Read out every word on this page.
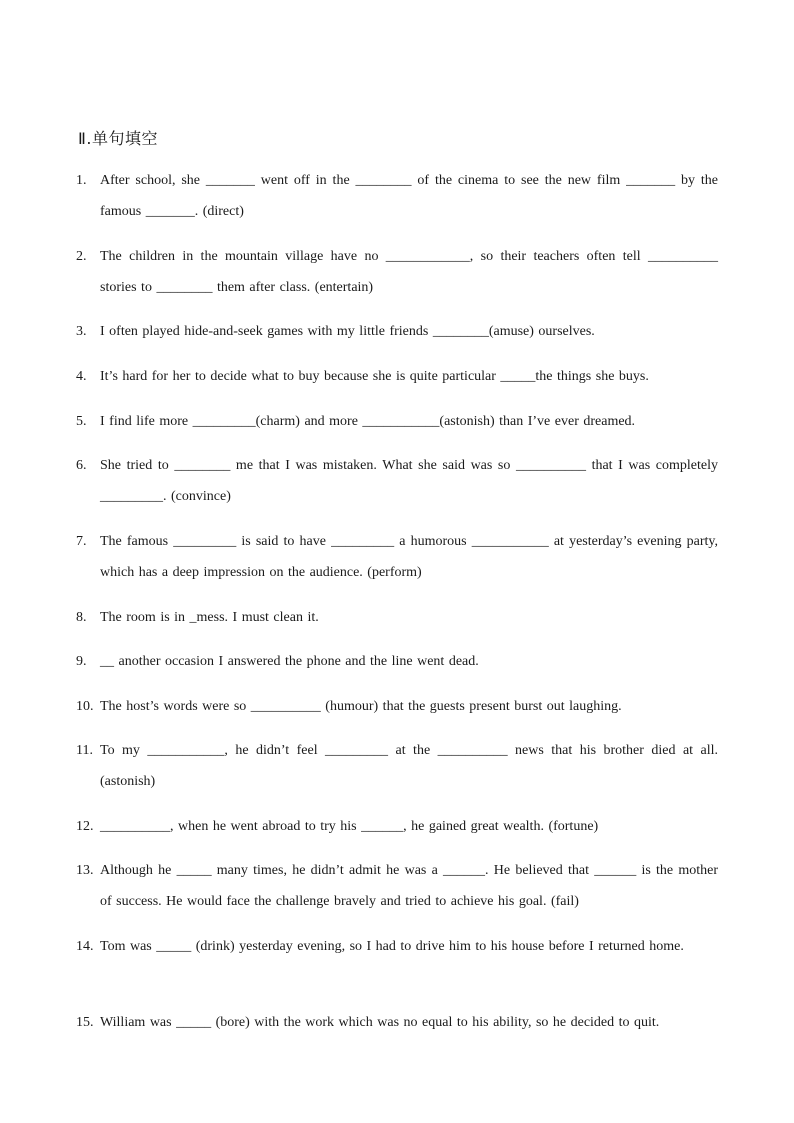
Ⅱ.单句填空
1. After school, she _______ went off in the ________ of the cinema to see the new film _______ by the famous _______. (direct)
2. The children in the mountain village have no ____________, so their teachers often tell __________ stories to ________ them after class. (entertain)
3. I often played hide-and-seek games with my little friends ________(amuse) ourselves.
4. It’s hard for her to decide what to buy because she is quite particular _____the things she buys.
5. I find life more _________(charm) and more ___________(astonish) than I’ve ever dreamed.
6. She tried to ________ me that I was mistaken. What she said was so __________ that I was completely _________. (convince)
7. The famous _________ is said to have _________ a humorous ___________ at yesterday’s evening party, which has a deep impression on the audience. (perform)
8. The room is in _mess. I must clean it.
9. __ another occasion I answered the phone and the line went dead.
10. The host’s words were so __________ (humour) that the guests present burst out laughing.
11. To my ___________, he didn’t feel _________ at the __________ news that his brother died at all. (astonish)
12. __________, when he went abroad to try his ______, he gained great wealth. (fortune)
13. Although he _____ many times, he didn’t admit he was a ______. He believed that ______ is the mother of success. He would face the challenge bravely and tried to achieve his goal. (fail)
14. Tom was _____ (drink) yesterday evening, so I had to drive him to his house before I returned home.
15. William was _____ (bore) with the work which was no equal to his ability, so he decided to quit.
